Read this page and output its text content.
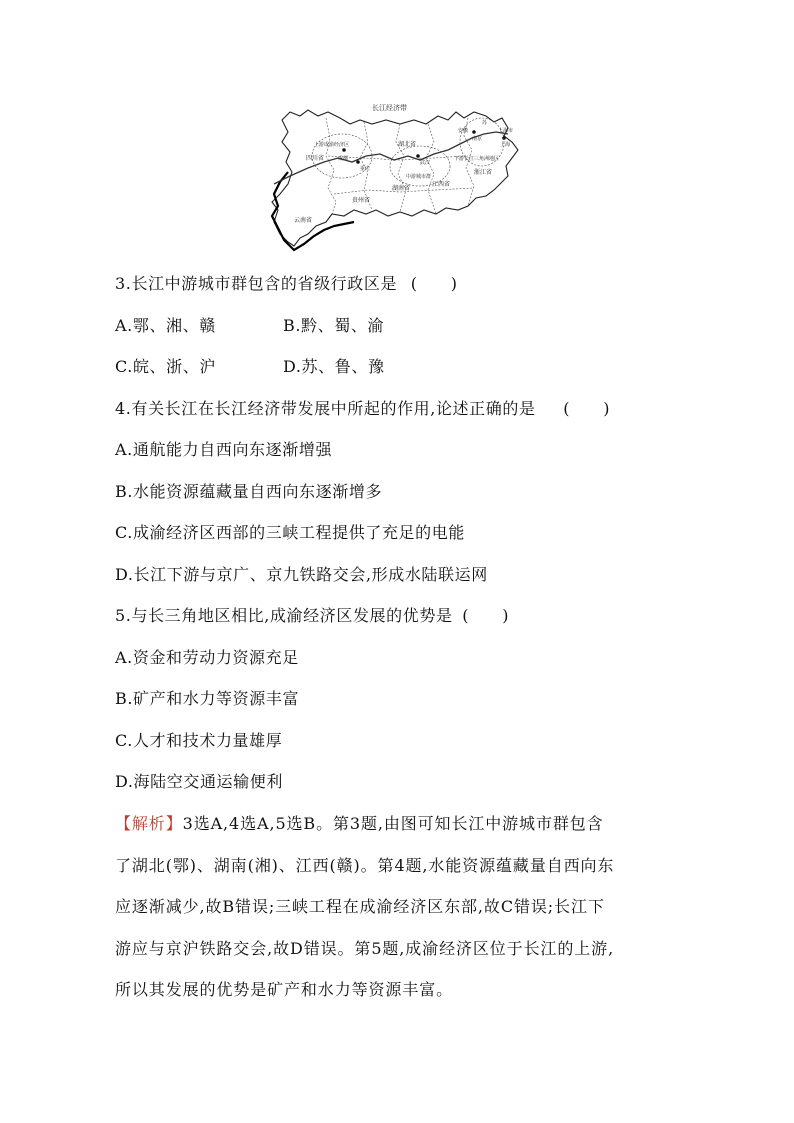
长江经济带
四川省
上游成渝经济区
成都
重庆
湖北省
武汉
中游城市群
湖南省
江西省
贵州省
云南省
安徽
苏
南京
上海市
上海
下游长江三角洲地区
浙江省
3.长江中游城市群包含的省级行政区是 (　　)
A.鄂、湘、赣	B.黔、蜀、渝
C.皖、浙、沪	D.苏、鲁、豫
4.有关长江在长江经济带发展中所起的作用,论述正确的是 (　　)
A.通航能力自西向东逐渐增强
B.水能资源蕴藏量自西向东逐渐增多
C.成渝经济区西部的三峡工程提供了充足的电能
D.长江下游与京广、京九铁路交会,形成水陆联运网
5.与长三角地区相比,成渝经济区发展的优势是 (　　)
A.资金和劳动力资源充足
B.矿产和水力等资源丰富
C.人才和技术力量雄厚
D.海陆空交通运输便利
【解析】3选A,4选A,5选B。第3题,由图可知长江中游城市群包含
了湖北(鄂)、湖南(湘)、江西(赣)。第4题,水能资源蕴藏量自西向东
应逐渐减少,故B错误;三峡工程在成渝经济区东部,故C错误;长江下
游应与京沪铁路交会,故D错误。第5题,成渝经济区位于长江的上游,
所以其发展的优势是矿产和水力等资源丰富。
